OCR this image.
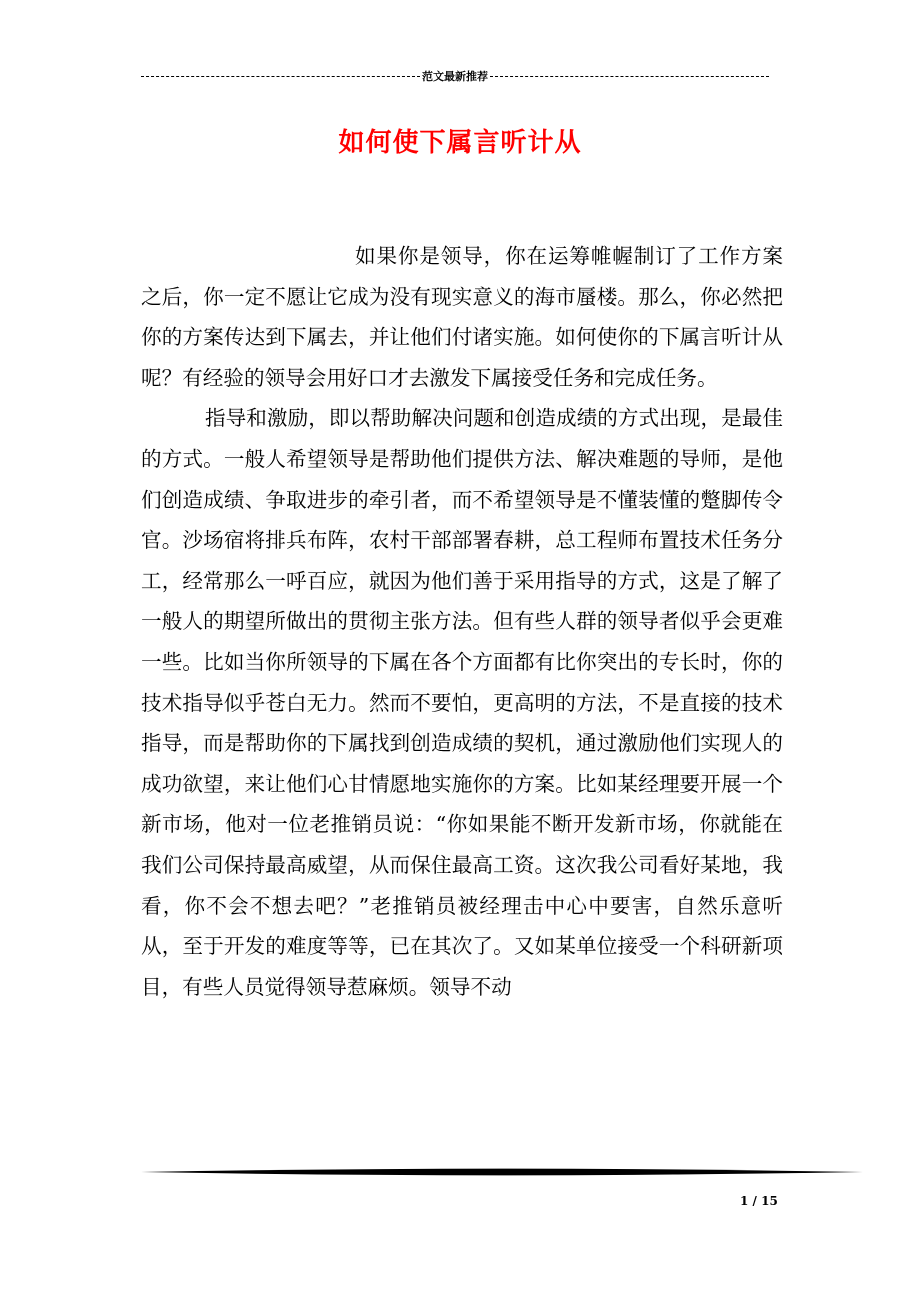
范文最新推荐
如何使下属言听计从

如果你是领导，你在运筹帷幄制订了工作方案之后，你一定不愿让它成为没有现实意义的海市蜃楼。那么，你必然把你的方案传达到下属去，并让他们付诸实施。如何使你的下属言听计从呢？有经验的领导会用好口才去激发下属接受任务和完成任务。

指导和激励，即以帮助解决问题和创造成绩的方式出现，是最佳的方式。一般人希望领导是帮助他们提供方法、解决难题的导师，是他们创造成绩、争取进步的牵引者，而不希望领导是不懂装懂的蹩脚传令官。沙场宿将排兵布阵，农村干部部署春耕，总工程师布置技术任务分工，经常那么一呼百应，就因为他们善于采用指导的方式，这是了解了一般人的期望所做出的贯彻主张方法。但有些人群的领导者似乎会更难一些。比如当你所领导的下属在各个方面都有比你突出的专长时，你的技术指导似乎苍白无力。然而不要怕，更高明的方法，不是直接的技术指导，而是帮助你的下属找到创造成绩的契机，通过激励他们实现人的成功欲望，来让他们心甘情愿地实施你的方案。比如某经理要开展一个新市场，他对一位老推销员说：“你如果能不断开发新市场，你就能在我们公司保持最高威望，从而保住最高工资。这次我公司看好某地，我看，你不会不想去吧？”老推销员被经理击中心中要害，自然乐意听从，至于开发的难度等等，已在其次了。又如某单位接受一个科研新项目，有些人员觉得领导惹麻烦。领导不动

1 / 15
